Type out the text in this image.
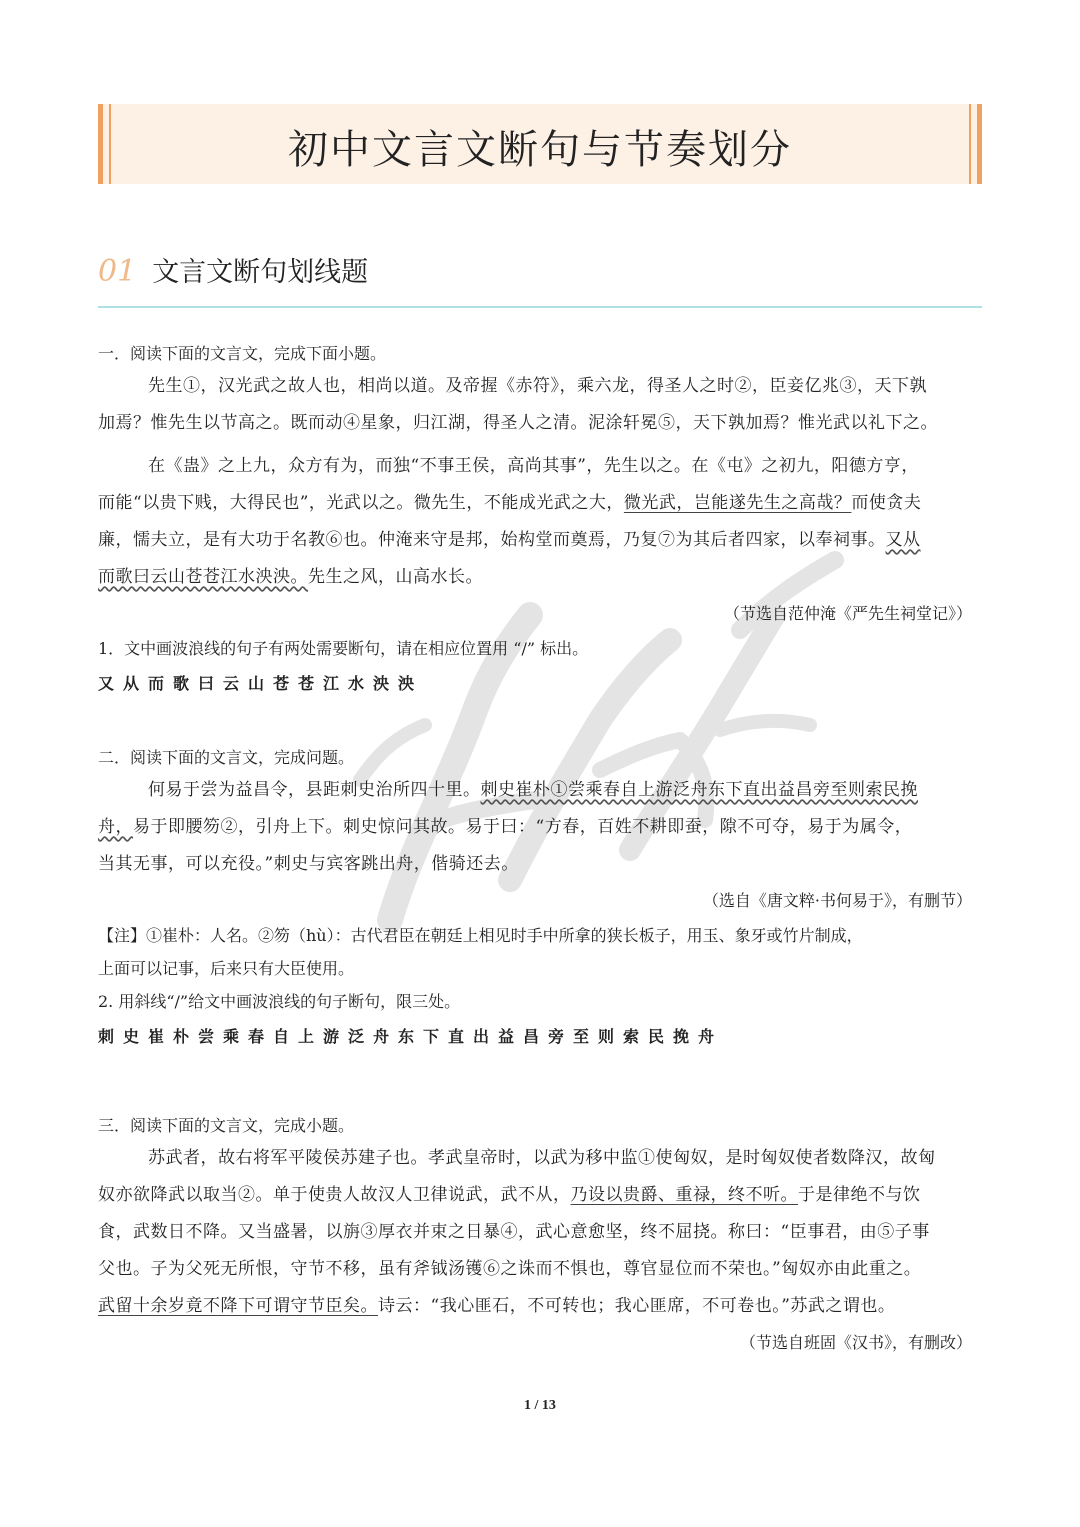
初中文言文断句与节奏划分
01 文言文断句划线题
一．阅读下面的文言文，完成下面小题。
先生①，汉光武之故人也，相尚以道。及帝握《赤符》，乘六龙，得圣人之时②，臣妾亿兆③，天下孰
加焉？惟先生以节高之。既而动④星象，归江湖，得圣人之清。泥涂轩冕⑤，天下孰加焉？惟光武以礼下之。
在《蛊》之上九，众方有为，而独“不事王侯，高尚其事”，先生以之。在《屯》之初九，阳德方亨，
而能“以贵下贱，大得民也”，光武以之。微先生，不能成光武之大，微光武，岂能遂先生之高哉？而使贪夫
廉，懦夫立，是有大功于名教⑥也。仲淹来守是邦，始构堂而奠焉，乃复⑦为其后者四家，以奉祠事。又从
而歌曰云山苍苍江水泱泱。先生之风，山高水长。
（节选自范仲淹《严先生祠堂记》）
1．文中画波浪线的句子有两处需要断句，请在相应位置用 “/” 标出。
又从而歌曰云山苍苍江水泱泱
二．阅读下面的文言文，完成问题。
何易于尝为益昌令，县距刺史治所四十里。刺史崔朴①尝乘春自上游泛舟东下直出益昌旁至则索民挽
舟，易于即腰笏②，引舟上下。刺史惊问其故。易于曰：“方春，百姓不耕即蚕，隙不可夺，易于为属令，
当其无事，可以充役。”刺史与宾客跳出舟，偕骑还去。
（选自《唐文粹·书何易于》，有删节）
【注】①崔朴：人名。②笏（hù）：古代君臣在朝廷上相见时手中所拿的狭长板子，用玉、象牙或竹片制成，
上面可以记事，后来只有大臣使用。
2. 用斜线“/”给文中画波浪线的句子断句，限三处。
刺史崔朴尝乘春自上游泛舟东下直出益昌旁至则索民挽舟
三．阅读下面的文言文，完成小题。
苏武者，故右将军平陵侯苏建子也。孝武皇帝时，以武为移中监①使匈奴，是时匈奴使者数降汉，故匈
奴亦欲降武以取当②。单于使贵人故汉人卫律说武，武不从，乃设以贵爵、重禄，终不听。于是律绝不与饮
食，武数日不降。又当盛暑，以旃③厚衣并束之日暴④，武心意愈坚，终不屈挠。称曰：“臣事君，由⑤子事
父也。子为父死无所恨，守节不移，虽有斧钺汤镬⑥之诛而不惧也，尊官显位而不荣也。”匈奴亦由此重之。
武留十余岁竟不降下可谓守节臣矣。诗云：“我心匪石，不可转也；我心匪席，不可卷也。”苏武之谓也。
（节选自班固《汉书》，有删改）
1 / 13
